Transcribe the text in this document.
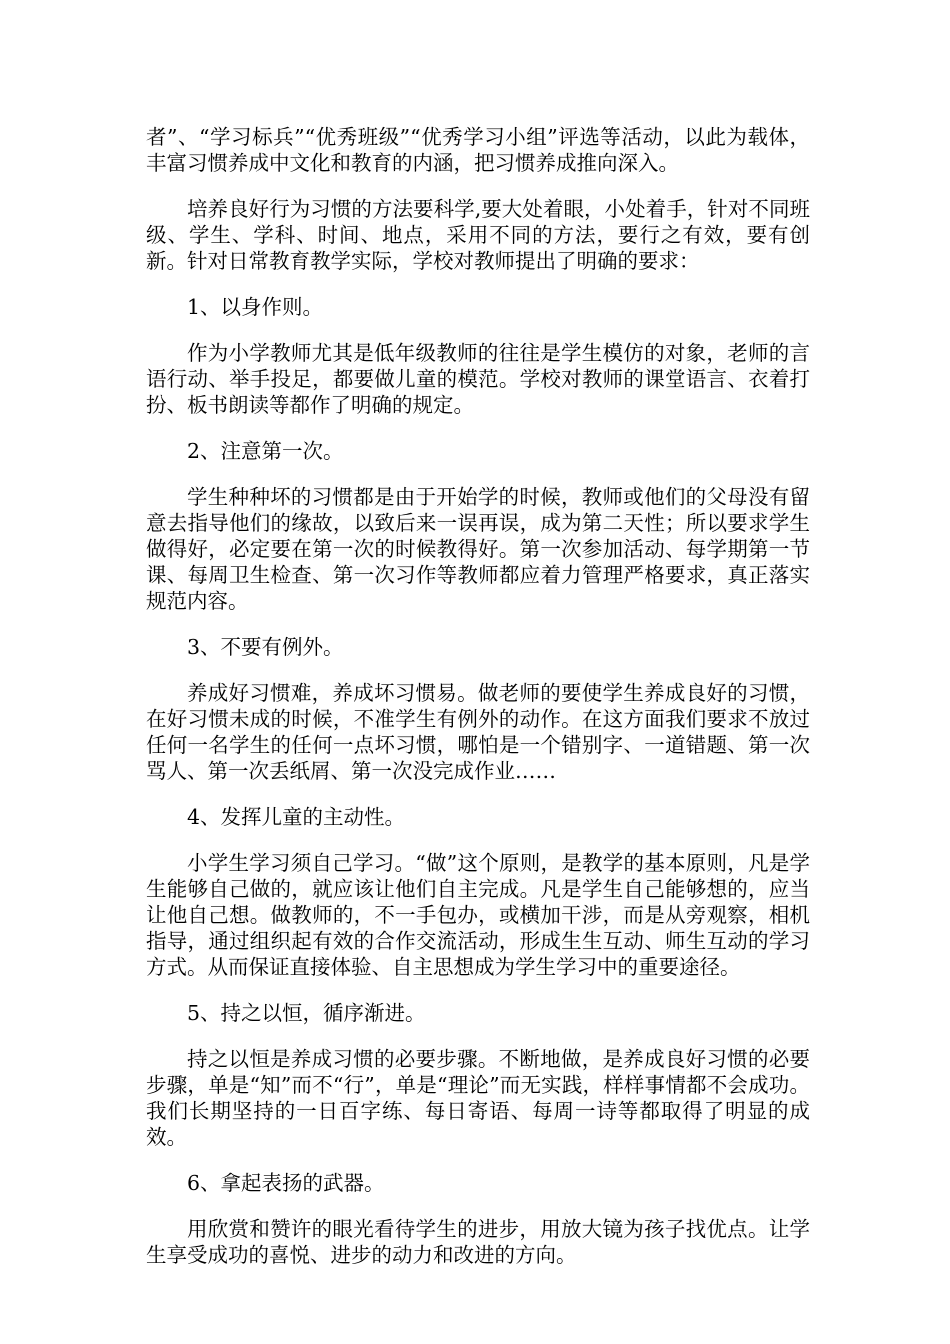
者”、“学习标兵”“优秀班级”“优秀学习小组”评选等活动，以此为载体，丰富习惯养成中文化和教育的内涵，把习惯养成推向深入。

培养良好行为习惯的方法要科学,要大处着眼，小处着手，针对不同班级、学生、学科、时间、地点，采用不同的方法，要行之有效，要有创新。针对日常教育教学实际，学校对教师提出了明确的要求：

1、以身作则。

作为小学教师尤其是低年级教师的往往是学生模仿的对象，老师的言语行动、举手投足，都要做儿童的模范。学校对教师的课堂语言、衣着打扮、板书朗读等都作了明确的规定。

2、注意第一次。

学生种种坏的习惯都是由于开始学的时候，教师或他们的父母没有留意去指导他们的缘故，以致后来一误再误，成为第二天性；所以要求学生做得好，必定要在第一次的时候教得好。第一次参加活动、每学期第一节课、每周卫生检查、第一次习作等教师都应着力管理严格要求，真正落实规范内容。

3、不要有例外。

养成好习惯难，养成坏习惯易。做老师的要使学生养成良好的习惯，在好习惯未成的时候，不准学生有例外的动作。在这方面我们要求不放过任何一名学生的任何一点坏习惯，哪怕是一个错别字、一道错题、第一次骂人、第一次丢纸屑、第一次没完成作业……

4、发挥儿童的主动性。

小学生学习须自己学习。“做”这个原则，是教学的基本原则，凡是学生能够自己做的，就应该让他们自主完成。凡是学生自己能够想的，应当让他自己想。做教师的，不一手包办，或横加干涉，而是从旁观察，相机指导，通过组织起有效的合作交流活动，形成生生互动、师生互动的学习方式。从而保证直接体验、自主思想成为学生学习中的重要途径。

5、持之以恒，循序渐进。

持之以恒是养成习惯的必要步骤。不断地做，是养成良好习惯的必要步骤，单是“知”而不“行”，单是“理论”而无实践，样样事情都不会成功。我们长期坚持的一日百字练、每日寄语、每周一诗等都取得了明显的成效。

6、拿起表扬的武器。

用欣赏和赞许的眼光看待学生的进步，用放大镜为孩子找优点。让学生享受成功的喜悦、进步的动力和改进的方向。
